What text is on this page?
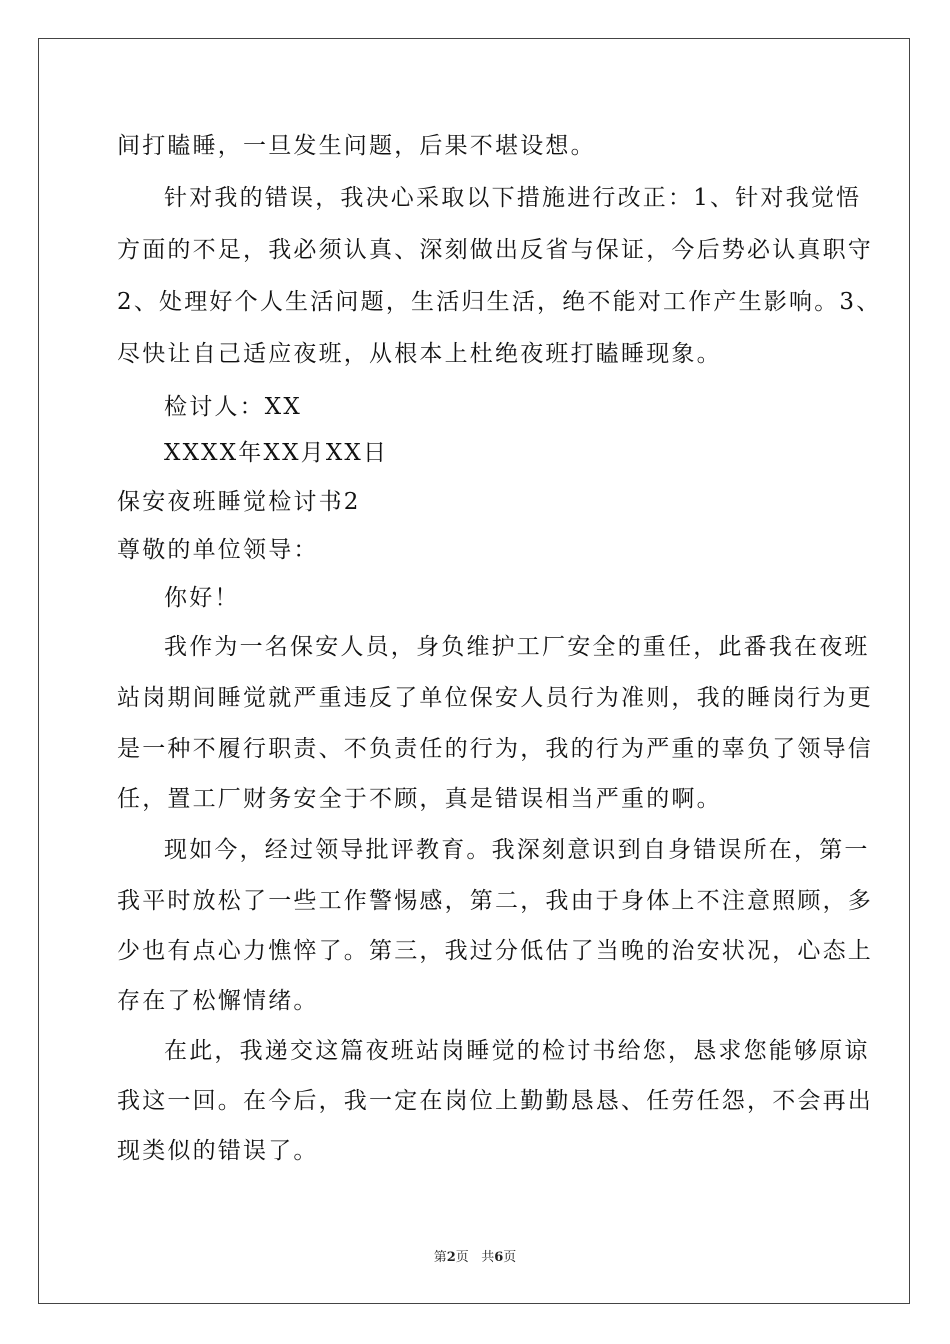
间打瞌睡，一旦发生问题，后果不堪设想。
针对我的错误，我决心采取以下措施进行改正：1、针对我觉悟
方面的不足，我必须认真、深刻做出反省与保证，今后势必认真职守
2、处理好个人生活问题，生活归生活，绝不能对工作产生影响。3、
尽快让自己适应夜班，从根本上杜绝夜班打瞌睡现象。
检讨人：XX
XXXX年XX月XX日
保安夜班睡觉检讨书2
尊敬的单位领导：
你好！
我作为一名保安人员，身负维护工厂安全的重任，此番我在夜班
站岗期间睡觉就严重违反了单位保安人员行为准则，我的睡岗行为更
是一种不履行职责、不负责任的行为，我的行为严重的辜负了领导信
任，置工厂财务安全于不顾，真是错误相当严重的啊。
现如今，经过领导批评教育。我深刻意识到自身错误所在，第一
我平时放松了一些工作警惕感，第二，我由于身体上不注意照顾，多
少也有点心力憔悴了。第三，我过分低估了当晚的治安状况，心态上
存在了松懈情绪。
在此，我递交这篇夜班站岗睡觉的检讨书给您，恳求您能够原谅
我这一回。在今后，我一定在岗位上勤勤恳恳、任劳任怨，不会再出
现类似的错误了。
第2页 共6页
